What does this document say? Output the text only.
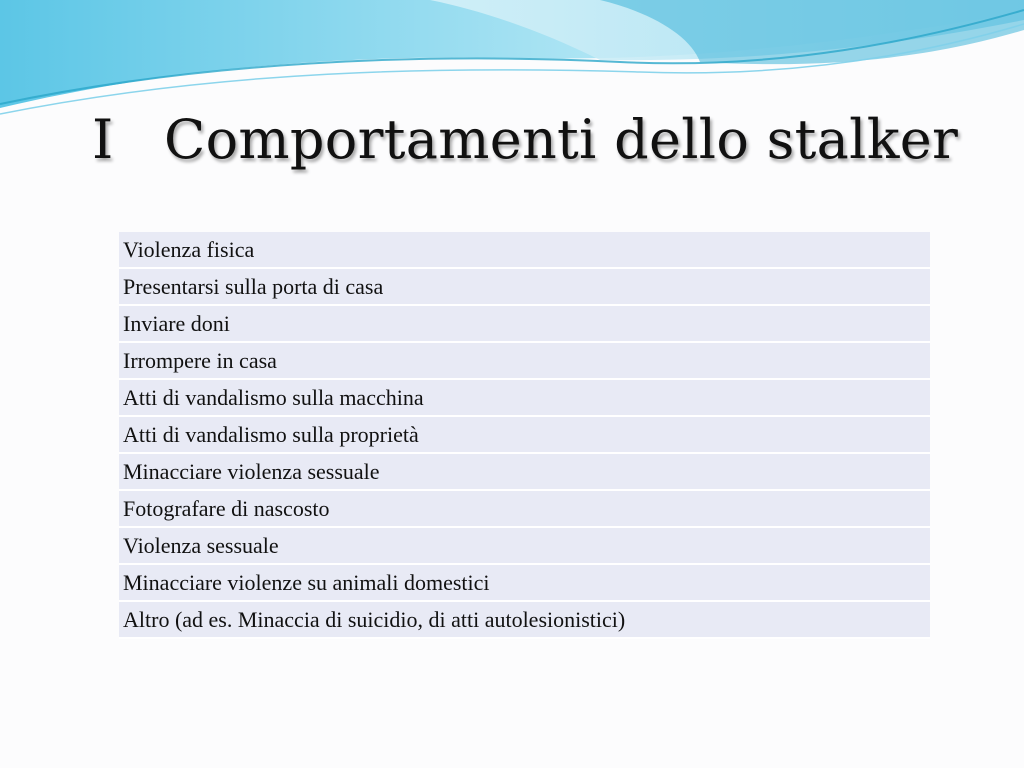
I Comportamenti dello stalker
Violenza fisica
Presentarsi sulla porta di casa
Inviare doni
Irrompere in casa
Atti di vandalismo sulla macchina
Atti di vandalismo sulla proprietà
Minacciare violenza sessuale
Fotografare di nascosto
Violenza sessuale
Minacciare violenze su animali domestici
Altro (ad es. Minaccia di suicidio, di atti autolesionistici)
